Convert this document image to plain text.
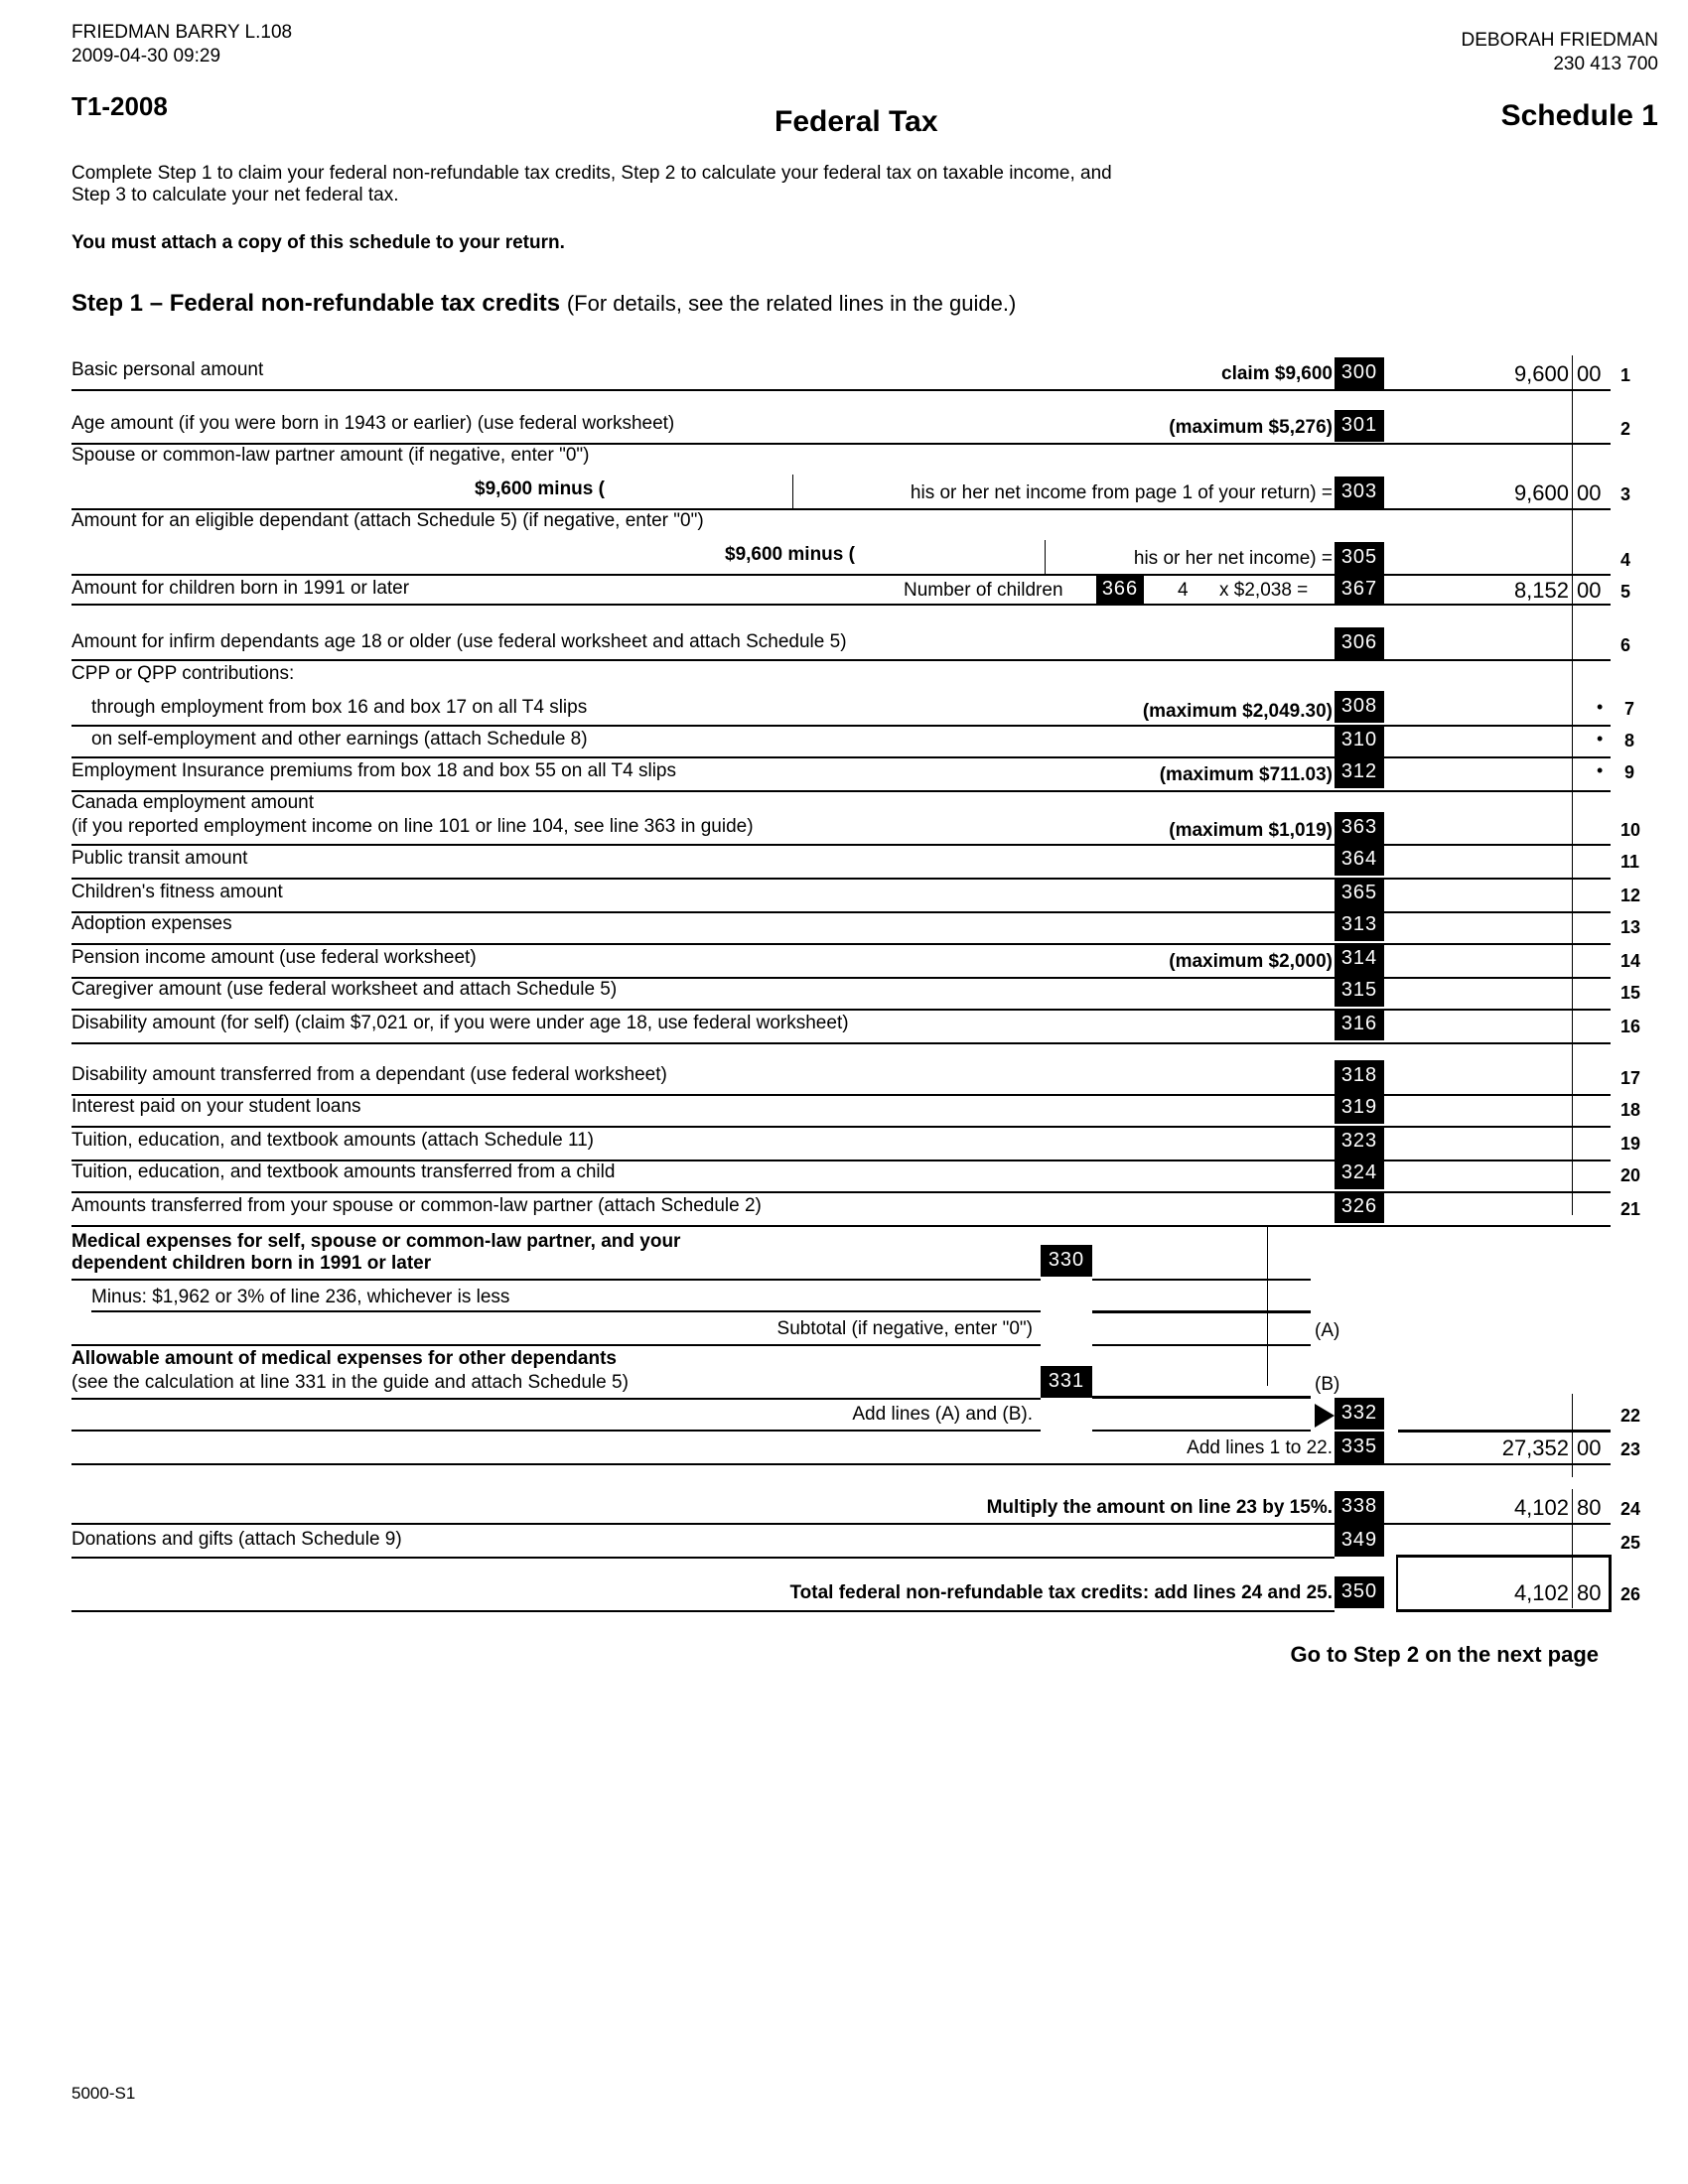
FRIEDMAN BARRY L.108
2009-04-30 09:29
T1-2008	Federal Tax
DEBORAH FRIEDMAN
230 413 700
Schedule 1
Complete Step 1 to claim your federal non-refundable tax credits, Step 2 to calculate your federal tax on taxable income, and
Step 3 to calculate your net federal tax.
You must attach a copy of this schedule to your return.
Step 1 – Federal non-refundable tax credits (For details, see the related lines in the guide.)
Basic personal amount	claim $9,600 300	9,600 00 1
Age amount (if you were born in 1943 or earlier) (use federal worksheet)	(maximum $5,276) 301	2
Spouse or common-law partner amount (if negative, enter "0")
$9,600 minus (	his or her net income from page 1 of your return) = 303	9,600 00 3
Amount for an eligible dependant (attach Schedule 5) (if negative, enter "0")
$9,600 minus (	his or her net income) = 305	4
Amount for children born in 1991 or later	Number of children 366	4 x $2,038 =	367	8,152 00 5
Amount for infirm dependants age 18 or older (use federal worksheet and attach Schedule 5)	306	6
CPP or QPP contributions:
through employment from box 16 and box 17 on all T4 slips	(maximum $2,049.30) 308	• 7
on self-employment and other earnings (attach Schedule 8)	310	• 8
Employment Insurance premiums from box 18 and box 55 on all T4 slips	(maximum $711.03) 312	• 9
Canada employment amount
(if you reported employment income on line 101 or line 104, see line 363 in guide)	(maximum $1,019) 363	10
Public transit amount	364	11
Children's fitness amount	365	12
Adoption expenses	313	13
Pension income amount (use federal worksheet)	(maximum $2,000) 314	14
Caregiver amount (use federal worksheet and attach Schedule 5)	315	15
Disability amount (for self) (claim $7,021 or, if you were under age 18, use federal worksheet)	316	16
Disability amount transferred from a dependant (use federal worksheet)	318	17
Interest paid on your student loans	319	18
Tuition, education, and textbook amounts (attach Schedule 11)	323	19
Tuition, education, and textbook amounts transferred from a child	324	20
Amounts transferred from your spouse or common-law partner (attach Schedule 2)	326	21
Medical expenses for self, spouse or common-law partner, and your
dependent children born in 1991 or later	330
Minus: $1,962 or 3% of line 236, whichever is less
Subtotal (if negative, enter "0")	(A)
Allowable amount of medical expenses for other dependants
(see the calculation at line 331 in the guide and attach Schedule 5)	331	(B)
Add lines (A) and (B).	332	22
Add lines 1 to 22. 335	27,352 00 23
Multiply the amount on line 23 by 15%. 338	4,102 80 24
Donations and gifts (attach Schedule 9)	349	25
Total federal non-refundable tax credits: add lines 24 and 25. 350	4,102 80 26
Go to Step 2 on the next page
5000-S1
